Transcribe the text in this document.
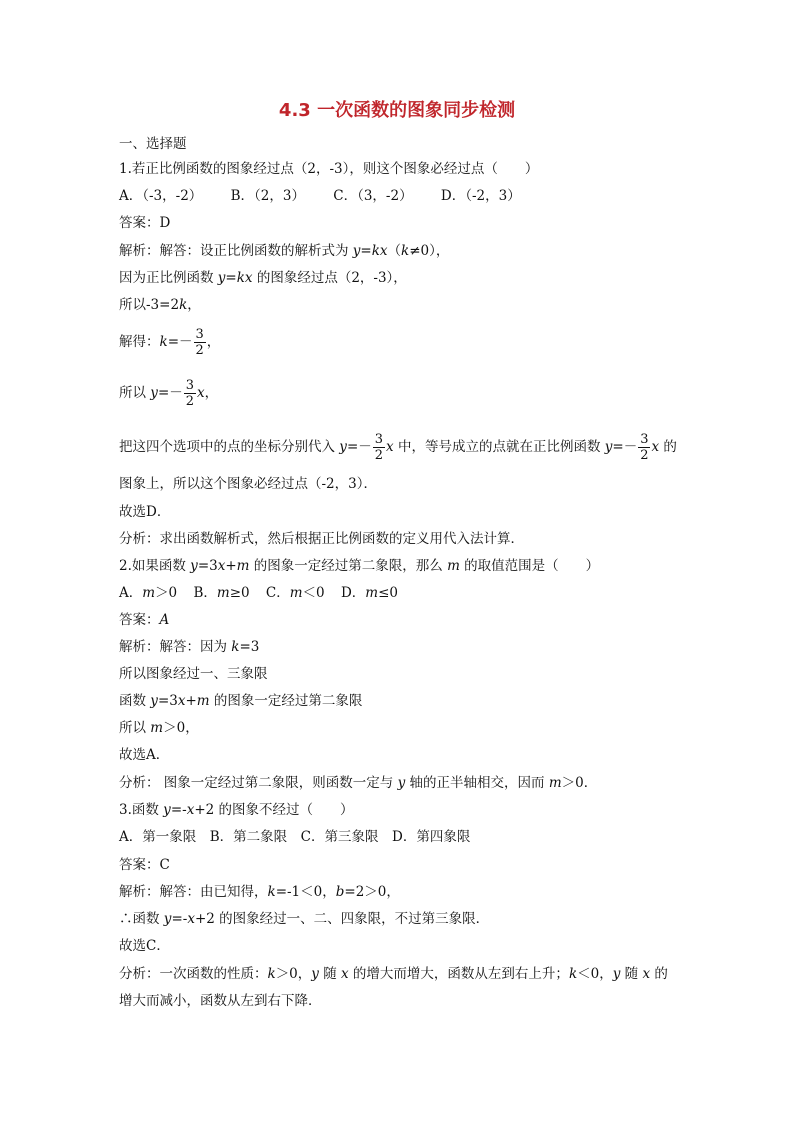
4.3 一次函数的图象同步检测
一、选择题
1.若正比例函数的图象经过点（2，-3），则这个图象必经过点（　　）
A．（-3，-2） B．（2，3） C．（3，-2） D．（-2，3）
答案：D
解析：解答：设正比例函数的解析式为 y=kx（k≠0），
因为正比例函数 y=kx 的图象经过点（2，-3），
所以-3=2k，
解得：$k=- \frac{3}{2}$ ，
所以 $y=- \frac{3}{2}$ x，
把这四个选项中的点的坐标分别代入 $y=- \frac{3}{2}$ x 中，等号成立的点就在正比例函数 $y=- \frac{3}{2}$ x 的
图象上，所以这个图象必经过点（-2，3）．
故选D．
分析：求出函数解析式，然后根据正比例函数的定义用代入法计算．
2.如果函数 y=3x+m 的图象一定经过第二象限，那么 m 的取值范围是（　　）
A．m＞0 B．m≥0 C．m＜0 D．m≤0
答案：A
解析：解答：因为 k=3
所以图象经过一、三象限
函数 y=3x+m 的图象一定经过第二象限
所以 m＞0，
故选A．
分析： 图象一定经过第二象限，则函数一定与 y 轴的正半轴相交，因而 m＞0．
3.函数 y=-x+2 的图象不经过（　　）
A．第一象限　B．第二象限　C．第三象限　D．第四象限
答案：C
解析：解答：由已知得，k=-1＜0，b=2＞0，
∴函数 y=-x+2 的图象经过一、二、四象限，不过第三象限．
故选C．
分析：一次函数的性质：k＞0，y 随 x 的增大而增大，函数从左到右上升；k＜0，y 随 x 的
增大而减小，函数从左到右下降．
